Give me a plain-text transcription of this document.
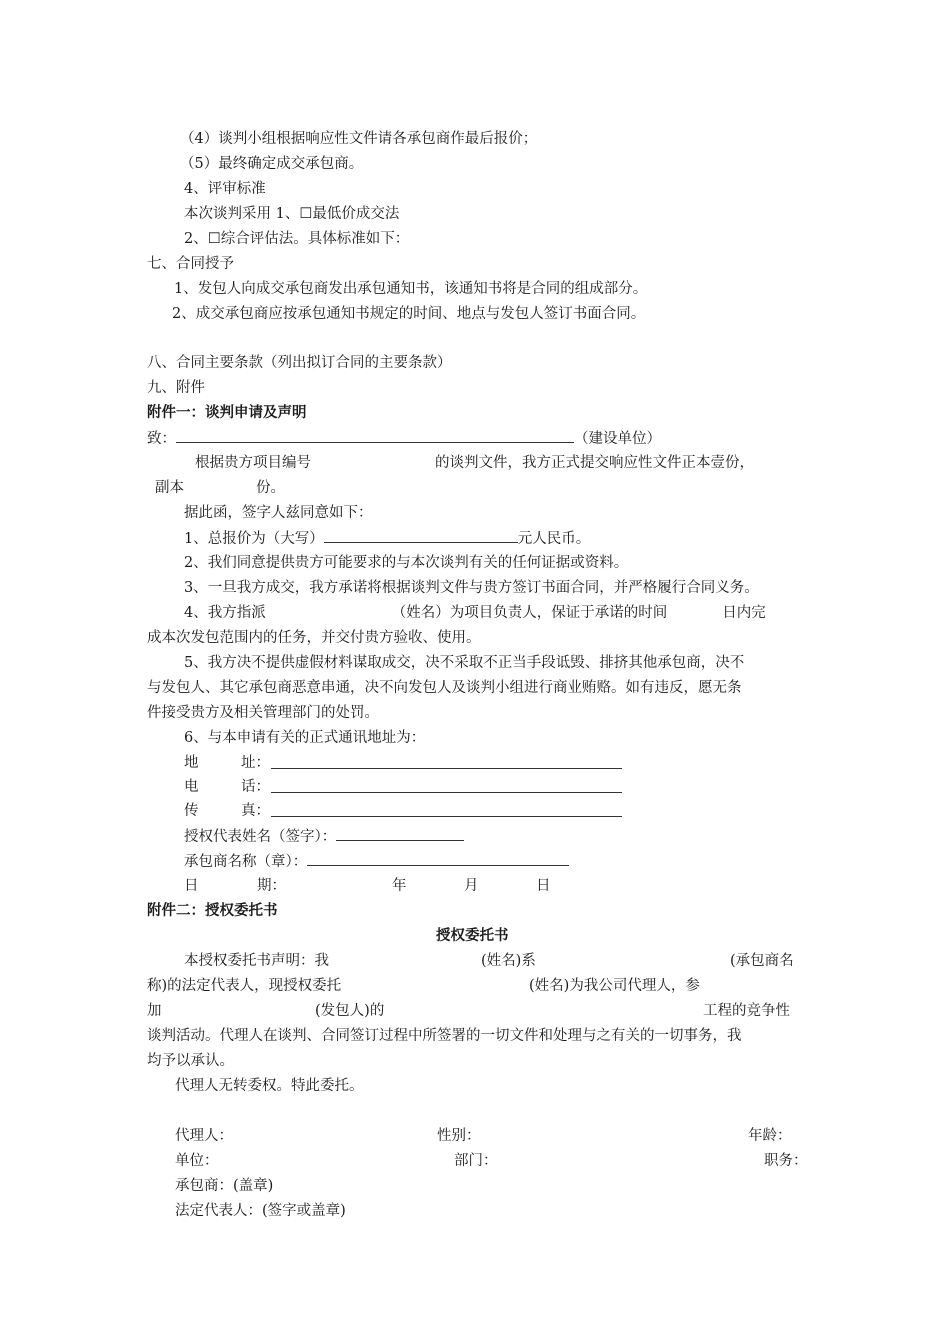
（4）谈判小组根据响应性文件请各承包商作最后报价；
（5）最终确定成交承包商。
4、评审标准
本次谈判采用 1、☐最低价成交法
2、☐综合评估法。具体标准如下：
七、合同授予
1、发包人向成交承包商发出承包通知书，该通知书将是合同的组成部分。
2、成交承包商应按承包通知书规定的时间、地点与发包人签订书面合同。
八、合同主要条款（列出拟订合同的主要条款）
九、附件
附件一：谈判申请及声明
致：	（建设单位）
根据贵方项目编号	的谈判文件，我方正式提交响应性文件正本壹份，
副本	份。
据此函，签字人兹同意如下：
1、总报价为（大写）	元人民币。
2、我们同意提供贵方可能要求的与本次谈判有关的任何证据或资料。
3、一旦我方成交，我方承诺将根据谈判文件与贵方签订书面合同，并严格履行合同义务。
4、我方指派	（姓名）为项目负责人，保证于承诺的时间	日内完
成本次发包范围内的任务，并交付贵方验收、使用。
5、我方决不提供虚假材料谋取成交，决不采取不正当手段诋毁、排挤其他承包商，决不
与发包人、其它承包商恶意串通，决不向发包人及谈判小组进行商业贿赂。如有违反，愿无条
件接受贵方及相关管理部门的处罚。
6、与本申请有关的正式通讯地址为：
地	址：
电	话：
传	真：
授权代表姓名（签字）：
承包商名称（章）：
日	期：	年	月	日
附件二：授权委托书
授权委托书
本授权委托书声明：我	(姓名)系	(承包商名
称)的法定代表人，现授权委托	(姓名)为我公司代理人，参
加	(发包人)的	工程的竞争性
谈判活动。代理人在谈判、合同签订过程中所签署的一切文件和处理与之有关的一切事务，我
均予以承认。
代理人无转委权。特此委托。
代理人：	性别：	年龄：
单位：	部门：	职务：
承包商：(盖章)
法定代表人：(签字或盖章)
